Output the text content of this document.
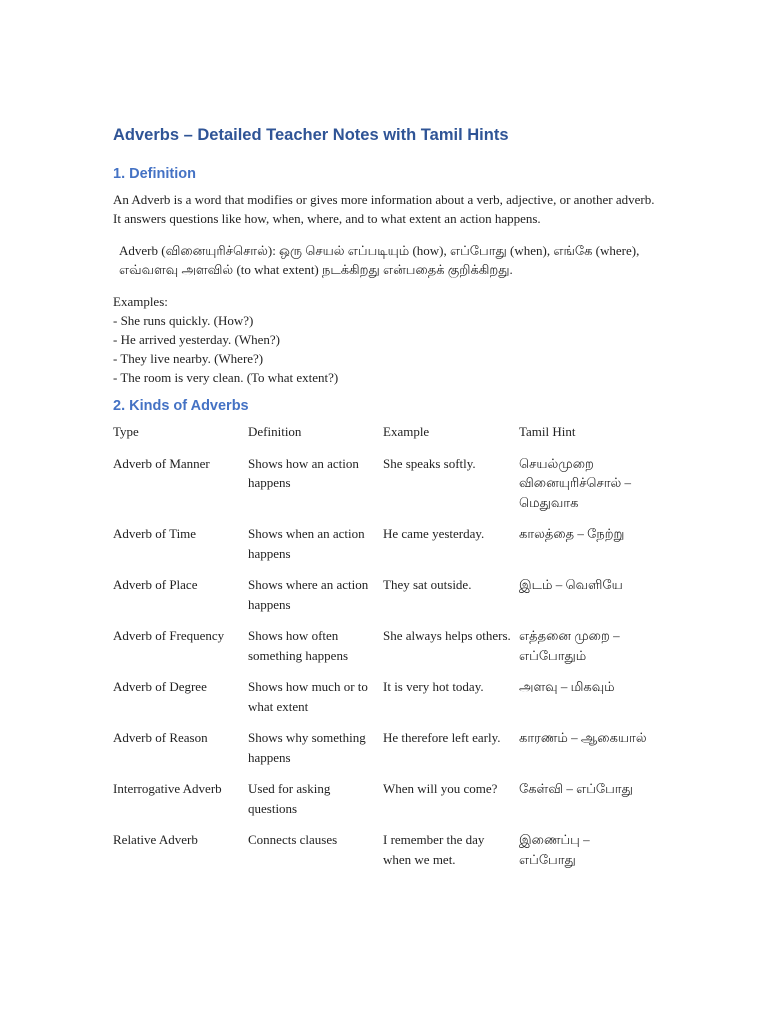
Adverbs – Detailed Teacher Notes with Tamil Hints
1. Definition

An Adverb is a word that modifies or gives more information about a verb, adjective, or another adverb. It answers questions like how, when, where, and to what extent an action happens.

Adverb (வினையுரிச்சொல்): ஒரு செயல் எப்படியும் (how), எப்போது (when), எங்கே (where), எவ்வளவு அளவில் (to what extent) நடக்கிறது என்பதைக் குறிக்கிறது.

Examples:
- She runs quickly. (How?)
- He arrived yesterday. (When?)
- They live nearby. (Where?)
- The room is very clean. (To what extent?)
2. Kinds of Adverbs
Type	Definition	Example	Tamil Hint
Adverb of Manner	Shows how an action happens	She speaks softly.	செயல்முறை வினையுரிச்சொல் – மெதுவாக
Adverb of Time	Shows when an action happens	He came yesterday.	காலத்தை – நேற்று
Adverb of Place	Shows where an action happens	They sat outside.	இடம் – வெளியே
Adverb of Frequency	Shows how often something happens	She always helps others.	எத்தனை முறை – எப்போதும்
Adverb of Degree	Shows how much or to what extent	It is very hot today.	அளவு – மிகவும்
Adverb of Reason	Shows why something happens	He therefore left early.	காரணம் – ஆகையால்
Interrogative Adverb	Used for asking questions	When will you come?	கேள்வி – எப்போது
Relative Adverb	Connects clauses	I remember the day when we met.	இணைப்பு – எப்போது
